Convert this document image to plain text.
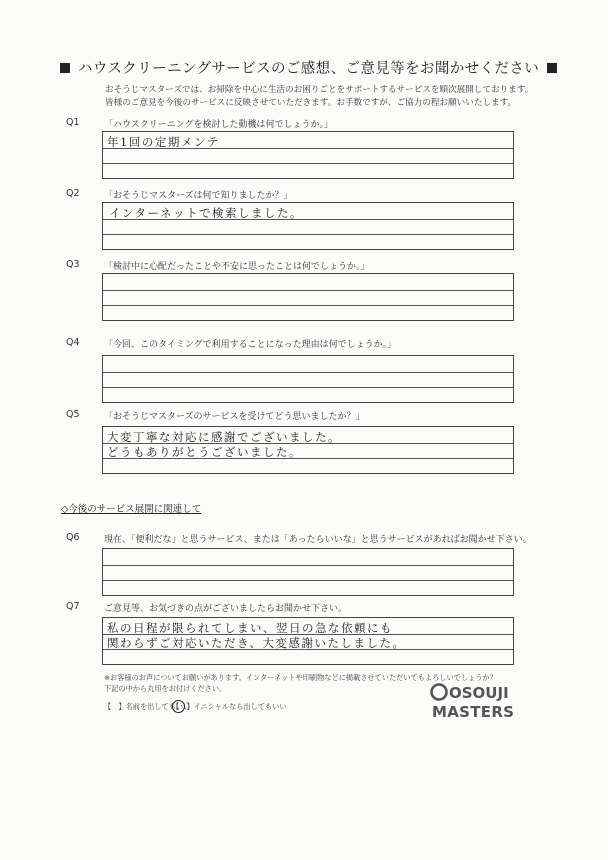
ハウスクリーニングサービスのご感想、ご意見等をお聞かせください
おそうじマスターズでは、お掃除を中心に生活のお困りごとをサポートするサービスを順次展開しております。
皆様のご意見を今後のサービスに反映させていただきます。お手数ですが、ご協力の程お願いいたします。
Q1	「ハウスクリーニングを検討した動機は何でしょうか。」
年1回の定期メンテ
Q2	「おそうじマスターズは何で知りましたか？」
インターネットで検索しました。
Q3	「検討中に心配だったことや不安に思ったことは何でしょうか。」
Q4	「今回、このタイミングで利用することになった理由は何でしょうか。」
Q5	「おそうじマスターズのサービスを受けてどう思いましたか？」
大変丁寧な対応に感謝でございました。
どうもありがとうございました。
◇今後のサービス展開に関連して
Q6	現在、「便利だな」と思うサービス、または「あったらいいな」と思うサービスがあればお聞かせ下さい。
Q7	ご意見等、お気づきの点がございましたらお聞かせ下さい。
私の日程が限られてしまい、翌日の急な依頼にも
関わらずご対応いただき、大変感謝いたしました。
※お客様のお声についてお願いがあります。インターネットや印刷物などに掲載させていただいてもよろしいでしょうか？
下記の中から丸印をお付けください。
【　】名前を出してもいい
【　】イニシャルなら出してもいい
OSOUJI
MASTERS
